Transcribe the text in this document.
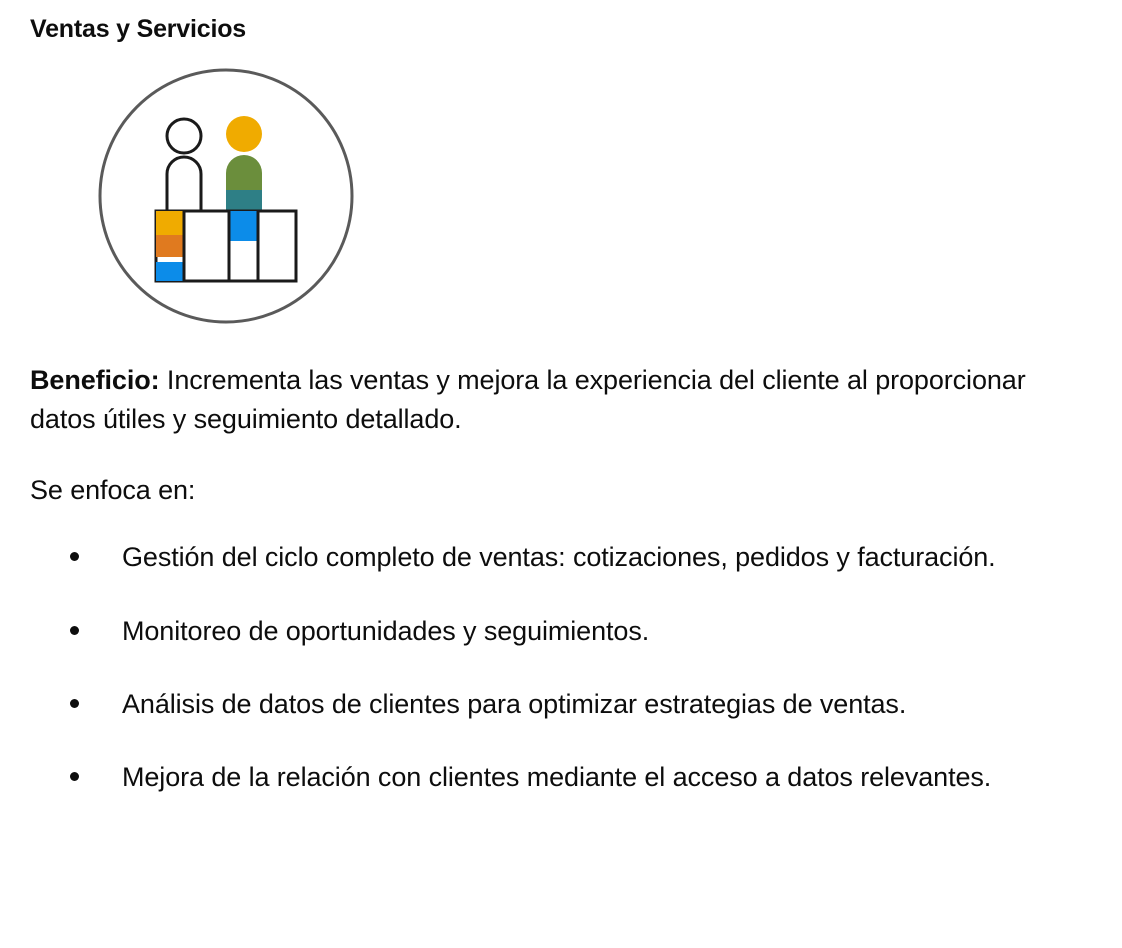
Ventas y Servicios

Beneficio: Incrementa las ventas y mejora la experiencia del cliente al proporcionar datos útiles y seguimiento detallado.

Se enfoca en:

Gestión del ciclo completo de ventas: cotizaciones, pedidos y facturación.
Monitoreo de oportunidades y seguimientos.
Análisis de datos de clientes para optimizar estrategias de ventas.
Mejora de la relación con clientes mediante el acceso a datos relevantes.
